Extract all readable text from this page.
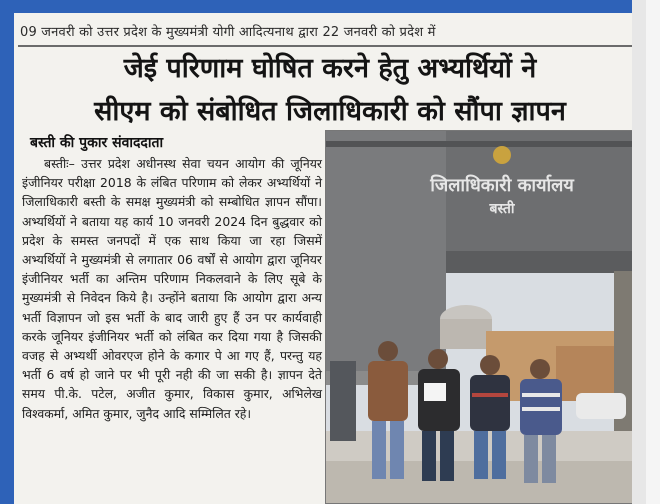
09 जनवरी को उत्तर प्रदेश के मुख्यमंत्री योगी आदित्यनाथ द्वारा 22 जनवरी को प्रदेश में
जेई परिणाम घोषित करने हेतु अभ्यर्थियों ने
सीएम को संबोधित जिलाधिकारी को सौंपा ज्ञापन
बस्ती की पुकार संवाददाता
बस्तीः– उत्तर प्रदेश अधीनस्थ सेवा चयन आयोग की जूनियर इंजीनियर परीक्षा 2018 के लंबित परिणाम को लेकर अभ्यर्थियों ने जिलाधिकारी बस्ती के समक्ष मुख्यमंत्री को सम्बोधित ज्ञापन सौंपा। अभ्यर्थियों ने बताया यह कार्य 10 जनवरी 2024 दिन बुद्धवार को प्रदेश के समस्त जनपदों में एक साथ किया जा रहा जिसमें अभ्यर्थियों ने मुख्यमंत्री से लगातार 06 वर्षों से आयोग द्वारा जूनियर इंजीनियर भर्ती का अन्तिम परिणाम निकलवाने के लिए सूबे के मुख्यमंत्री से निवेदन किये है। उन्होंने बताया कि आयोग द्वारा अन्य भर्ती विज्ञापन जो इस भर्ती के बाद जारी हुए हैं उन पर कार्यवाही करके जूनियर इंजीनियर भर्ती को लंबित कर दिया गया है जिसकी वजह से अभ्यर्थी ओवरएज होने के कगार पे आ गए हैं, परन्तु यह भर्ती 6 वर्ष हो जाने पर भी पूरी नही की जा सकी है। ज्ञापन देते समय पी.के. पटेल, अजीत कुमार, विकास कुमार, अभिलेख विश्वकर्मा, अमित कुमार, जुनैद आदि सम्मिलित रहे।
जिलाधिकारी कार्यालय
बस्ती
